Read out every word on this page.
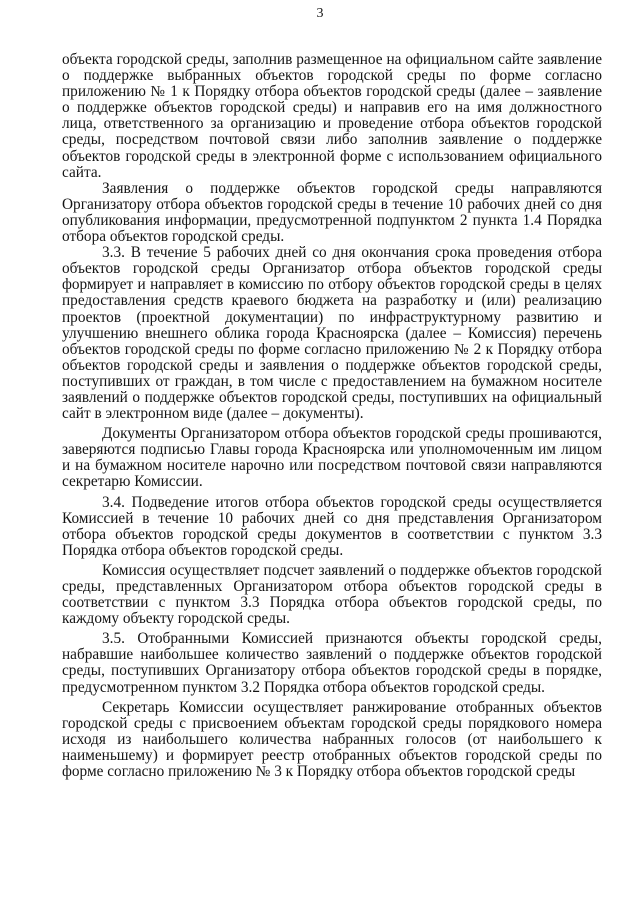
3

объекта городской среды, заполнив размещенное на официальном сайте заявление о поддержке выбранных объектов городской среды по форме согласно приложению № 1 к Порядку отбора объектов городской среды (далее – заявление о поддержке объектов городской среды) и направив его на имя должностного лица, ответственного за организацию и проведение отбора объектов городской среды, посредством почтовой связи либо заполнив заявление о поддержке объектов городской среды в электронной форме с использованием официального сайта.

Заявления о поддержке объектов городской среды направляются Организатору отбора объектов городской среды в течение 10 рабочих дней со дня опубликования информации, предусмотренной подпунктом 2 пункта 1.4 Порядка отбора объектов городской среды.

3.3. В течение 5 рабочих дней со дня окончания срока проведения отбора объектов городской среды Организатор отбора объектов городской среды формирует и направляет в комиссию по отбору объектов городской среды в целях предоставления средств краевого бюджета на разработку и (или) реализацию проектов (проектной документации) по инфраструктурному развитию и улучшению внешнего облика города Красноярска (далее – Комиссия) перечень объектов городской среды по форме согласно приложению № 2 к Порядку отбора объектов городской среды и заявления о поддержке объектов городской среды, поступивших от граждан, в том числе с предоставлением на бумажном носителе заявлений о поддержке объектов городской среды, поступивших на официальный сайт в электронном виде (далее – документы).

Документы Организатором отбора объектов городской среды прошиваются, заверяются подписью Главы города Красноярска или уполномоченным им лицом и на бумажном носителе нарочно или посредством почтовой связи направляются секретарю Комиссии.

3.4. Подведение итогов отбора объектов городской среды осуществляется Комиссией в течение 10 рабочих дней со дня представления Организатором отбора объектов городской среды документов в соответствии с пунктом 3.3 Порядка отбора объектов городской среды.

Комиссия осуществляет подсчет заявлений о поддержке объектов городской среды, представленных Организатором отбора объектов городской среды в соответствии с пунктом 3.3 Порядка отбора объектов городской среды, по каждому объекту городской среды.

3.5. Отобранными Комиссией признаются объекты городской среды, набравшие наибольшее количество заявлений о поддержке объектов городской среды, поступивших Организатору отбора объектов городской среды в порядке, предусмотренном пунктом 3.2 Порядка отбора объектов городской среды.

Секретарь Комиссии осуществляет ранжирование отобранных объектов городской среды с присвоением объектам городской среды порядкового номера исходя из наибольшего количества набранных голосов (от наибольшего к наименьшему) и формирует реестр отобранных объектов городской среды по форме согласно приложению № 3 к Порядку отбора объектов городской среды
